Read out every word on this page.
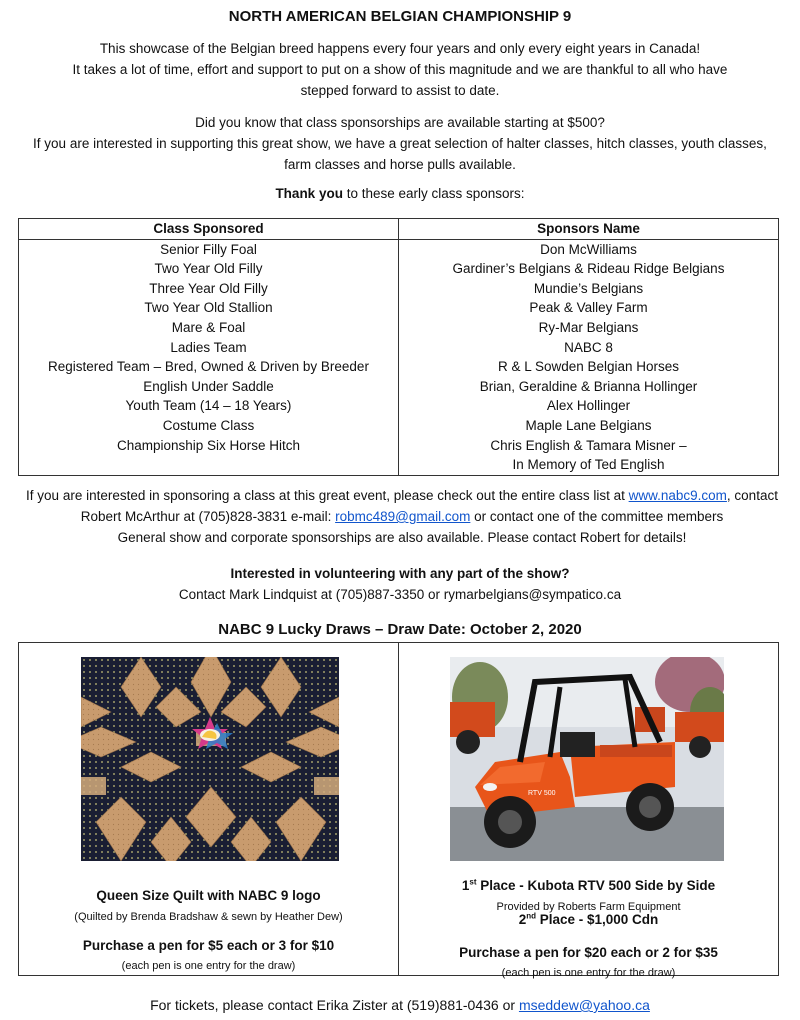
NORTH AMERICAN BELGIAN CHAMPIONSHIP 9

This showcase of the Belgian breed happens every four years and only every eight years in Canada!

It takes a lot of time, effort and support to put on a show of this magnitude and we are thankful to all who have stepped forward to assist to date.

Did you know that class sponsorships are available starting at $500?

If you are interested in supporting this great show, we have a great selection of halter classes, hitch classes, youth classes, farm classes and horse pulls available.

Thank you to these early class sponsors:
Class Sponsored	Sponsors Name
Senior Filly Foal	Don McWilliams
Two Year Old Filly	Gardiner’s Belgians & Rideau Ridge Belgians
Three Year Old Filly	Mundie’s Belgians
Two Year Old Stallion	Peak & Valley Farm
Mare & Foal	Ry-Mar Belgians
Ladies Team	NABC 8
Registered Team – Bred, Owned & Driven by Breeder	R & L Sowden Belgian Horses
English Under Saddle	Brian, Geraldine & Brianna Hollinger
Youth Team (14 – 18 Years)	Alex Hollinger
Costume Class	Maple Lane Belgians
Championship Six Horse Hitch	Chris English & Tamara Misner –
In Memory of Ted English

If you are interested in sponsoring a class at this great event, please check out the entire class list at www.nabc9.com, contact Robert McArthur at (705)828-3831 e-mail: robmc489@gmail.com or contact one of the committee members

General show and corporate sponsorships are also available. Please contact Robert for details!

Interested in volunteering with any part of the show?

Contact Mark Lindquist at (705)887-3350 or rymarbelgians@sympatico.ca

NABC 9 Lucky Draws – Draw Date: October 2, 2020
Queen Size Quilt with NABC 9 logo
(Quilted by Brenda Bradshaw & sewn by Heather Dew)
Purchase a pen for $5 each or 3 for $10
(each pen is one entry for the draw)
RTV 500
1st Place - Kubota RTV 500 Side by Side
Provided by Roberts Farm Equipment
2nd Place - $1,000 Cdn
Purchase a pen for $20 each or 2 for $35
(each pen is one entry for the draw)
For tickets, please contact Erika Zister at (519)881-0436 or mseddew@yahoo.ca
